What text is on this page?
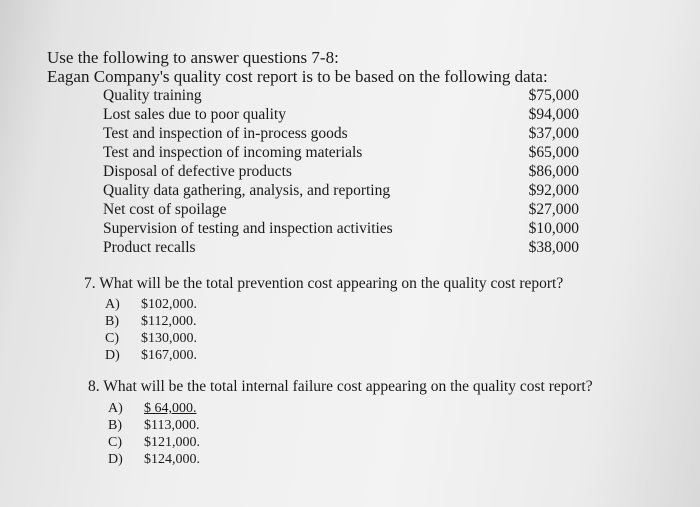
Use the following to answer questions 7-8:
Eagan Company's quality cost report is to be based on the following data:
Quality training	$75,000
Lost sales due to poor quality	$94,000
Test and inspection of in-process goods	$37,000
Test and inspection of incoming materials	$65,000
Disposal of defective products	$86,000
Quality data gathering, analysis, and reporting	$92,000
Net cost of spoilage	$27,000
Supervision of testing and inspection activities	$10,000
Product recalls	$38,000
7. What will be the total prevention cost appearing on the quality cost report?
A) $102,000.
B) $112,000.
C) $130,000.
D) $167,000.
8. What will be the total internal failure cost appearing on the quality cost report?
A) $ 64,000.
B) $113,000.
C) $121,000.
D) $124,000.
